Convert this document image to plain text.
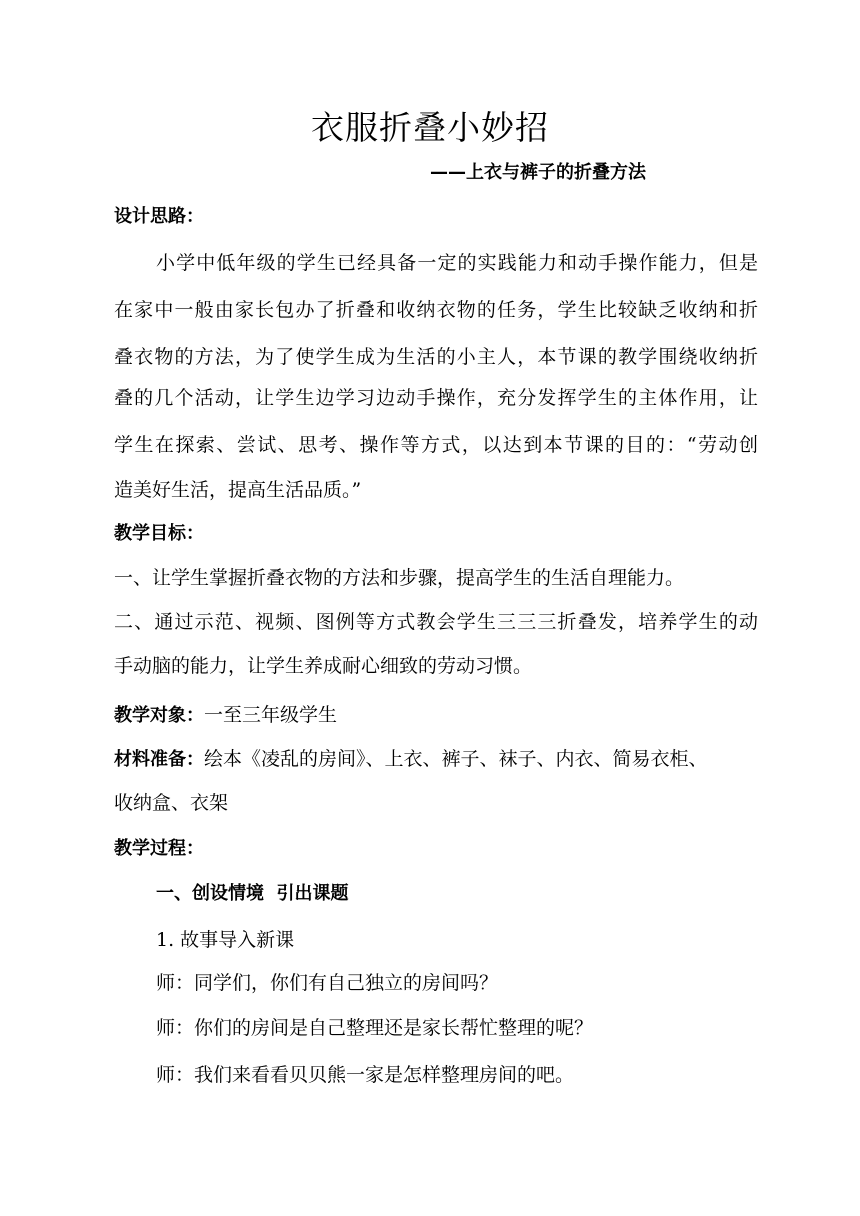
衣服折叠小妙招
——上衣与裤子的折叠方法
设计思路：
小学中低年级的学生已经具备一定的实践能力和动手操作能力，但是
在家中一般由家长包办了折叠和收纳衣物的任务，学生比较缺乏收纳和折
叠衣物的方法，为了使学生成为生活的小主人，本节课的教学围绕收纳折
叠的几个活动，让学生边学习边动手操作，充分发挥学生的主体作用，让
学生在探索、尝试、思考、操作等方式，以达到本节课的目的：“劳动创
造美好生活，提高生活品质。”
教学目标：
一、让学生掌握折叠衣物的方法和步骤，提高学生的生活自理能力。
二、通过示范、视频、图例等方式教会学生三三三折叠发，培养学生的动
手动脑的能力，让学生养成耐心细致的劳动习惯。
教学对象：一至三年级学生
材料准备：绘本《凌乱的房间》、上衣、裤子、袜子、内衣、简易衣柜、
收纳盒、衣架
教学过程：
一、创设情境  引出课题
1. 故事导入新课
师：同学们，你们有自己独立的房间吗？
师：你们的房间是自己整理还是家长帮忙整理的呢？
师：我们来看看贝贝熊一家是怎样整理房间的吧。
